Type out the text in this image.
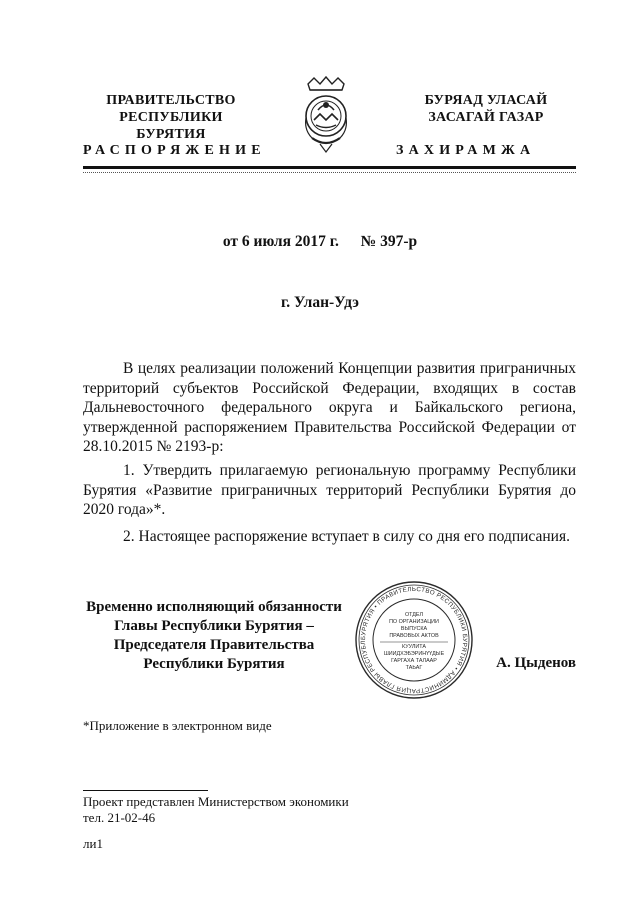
ПРАВИТЕЛЬСТВО
РЕСПУБЛИКИ БУРЯТИЯ
БУРЯАД УЛАСАЙ
ЗАСАГАЙ ГАЗАР
РАСПОРЯЖЕНИЕ	ЗАХИРАМЖА
от 6 июля 2017 г. № 397-р
г. Улан-Удэ
В целях реализации положений Концепции развития приграничных территорий субъектов Российской Федерации, входящих в состав Дальневосточного федерального округа и Байкальского региона, утвержденной распоряжением Правительства Российской Федерации от 28.10.2015 № 2193-р:
1. Утвердить прилагаемую региональную программу Республики Бурятия «Развитие приграничных территорий Республики Бурятия до 2020 года»*.
2. Настоящее распоряжение вступает в силу со дня его подписания.
Временно исполняющий обязанности
Главы Республики Бурятия –
Председателя Правительства
Республики Бурятия	А. Цыденов
БУРЯТИЯ • ПРАВИТЕЛЬСТВО РЕСПУБЛИКИ БУРЯТИЯ • АДМИНИСТРАЦИЯ ГЛАВЫ РЕСПУБЛ
ОТДЕЛ
ПО ОРГАНИЗАЦИИ
ВЫПУСКА
ПРАВОВЫХ АКТОВ
КУУЛИТА
ШИИДХЭБЭРИНҮҮДЫЕ
ГАРГАХА ТАЛААР
ТАЬАГ
*Приложение в электронном виде
Проект представлен Министерством экономики
тел. 21-02-46
ли1
